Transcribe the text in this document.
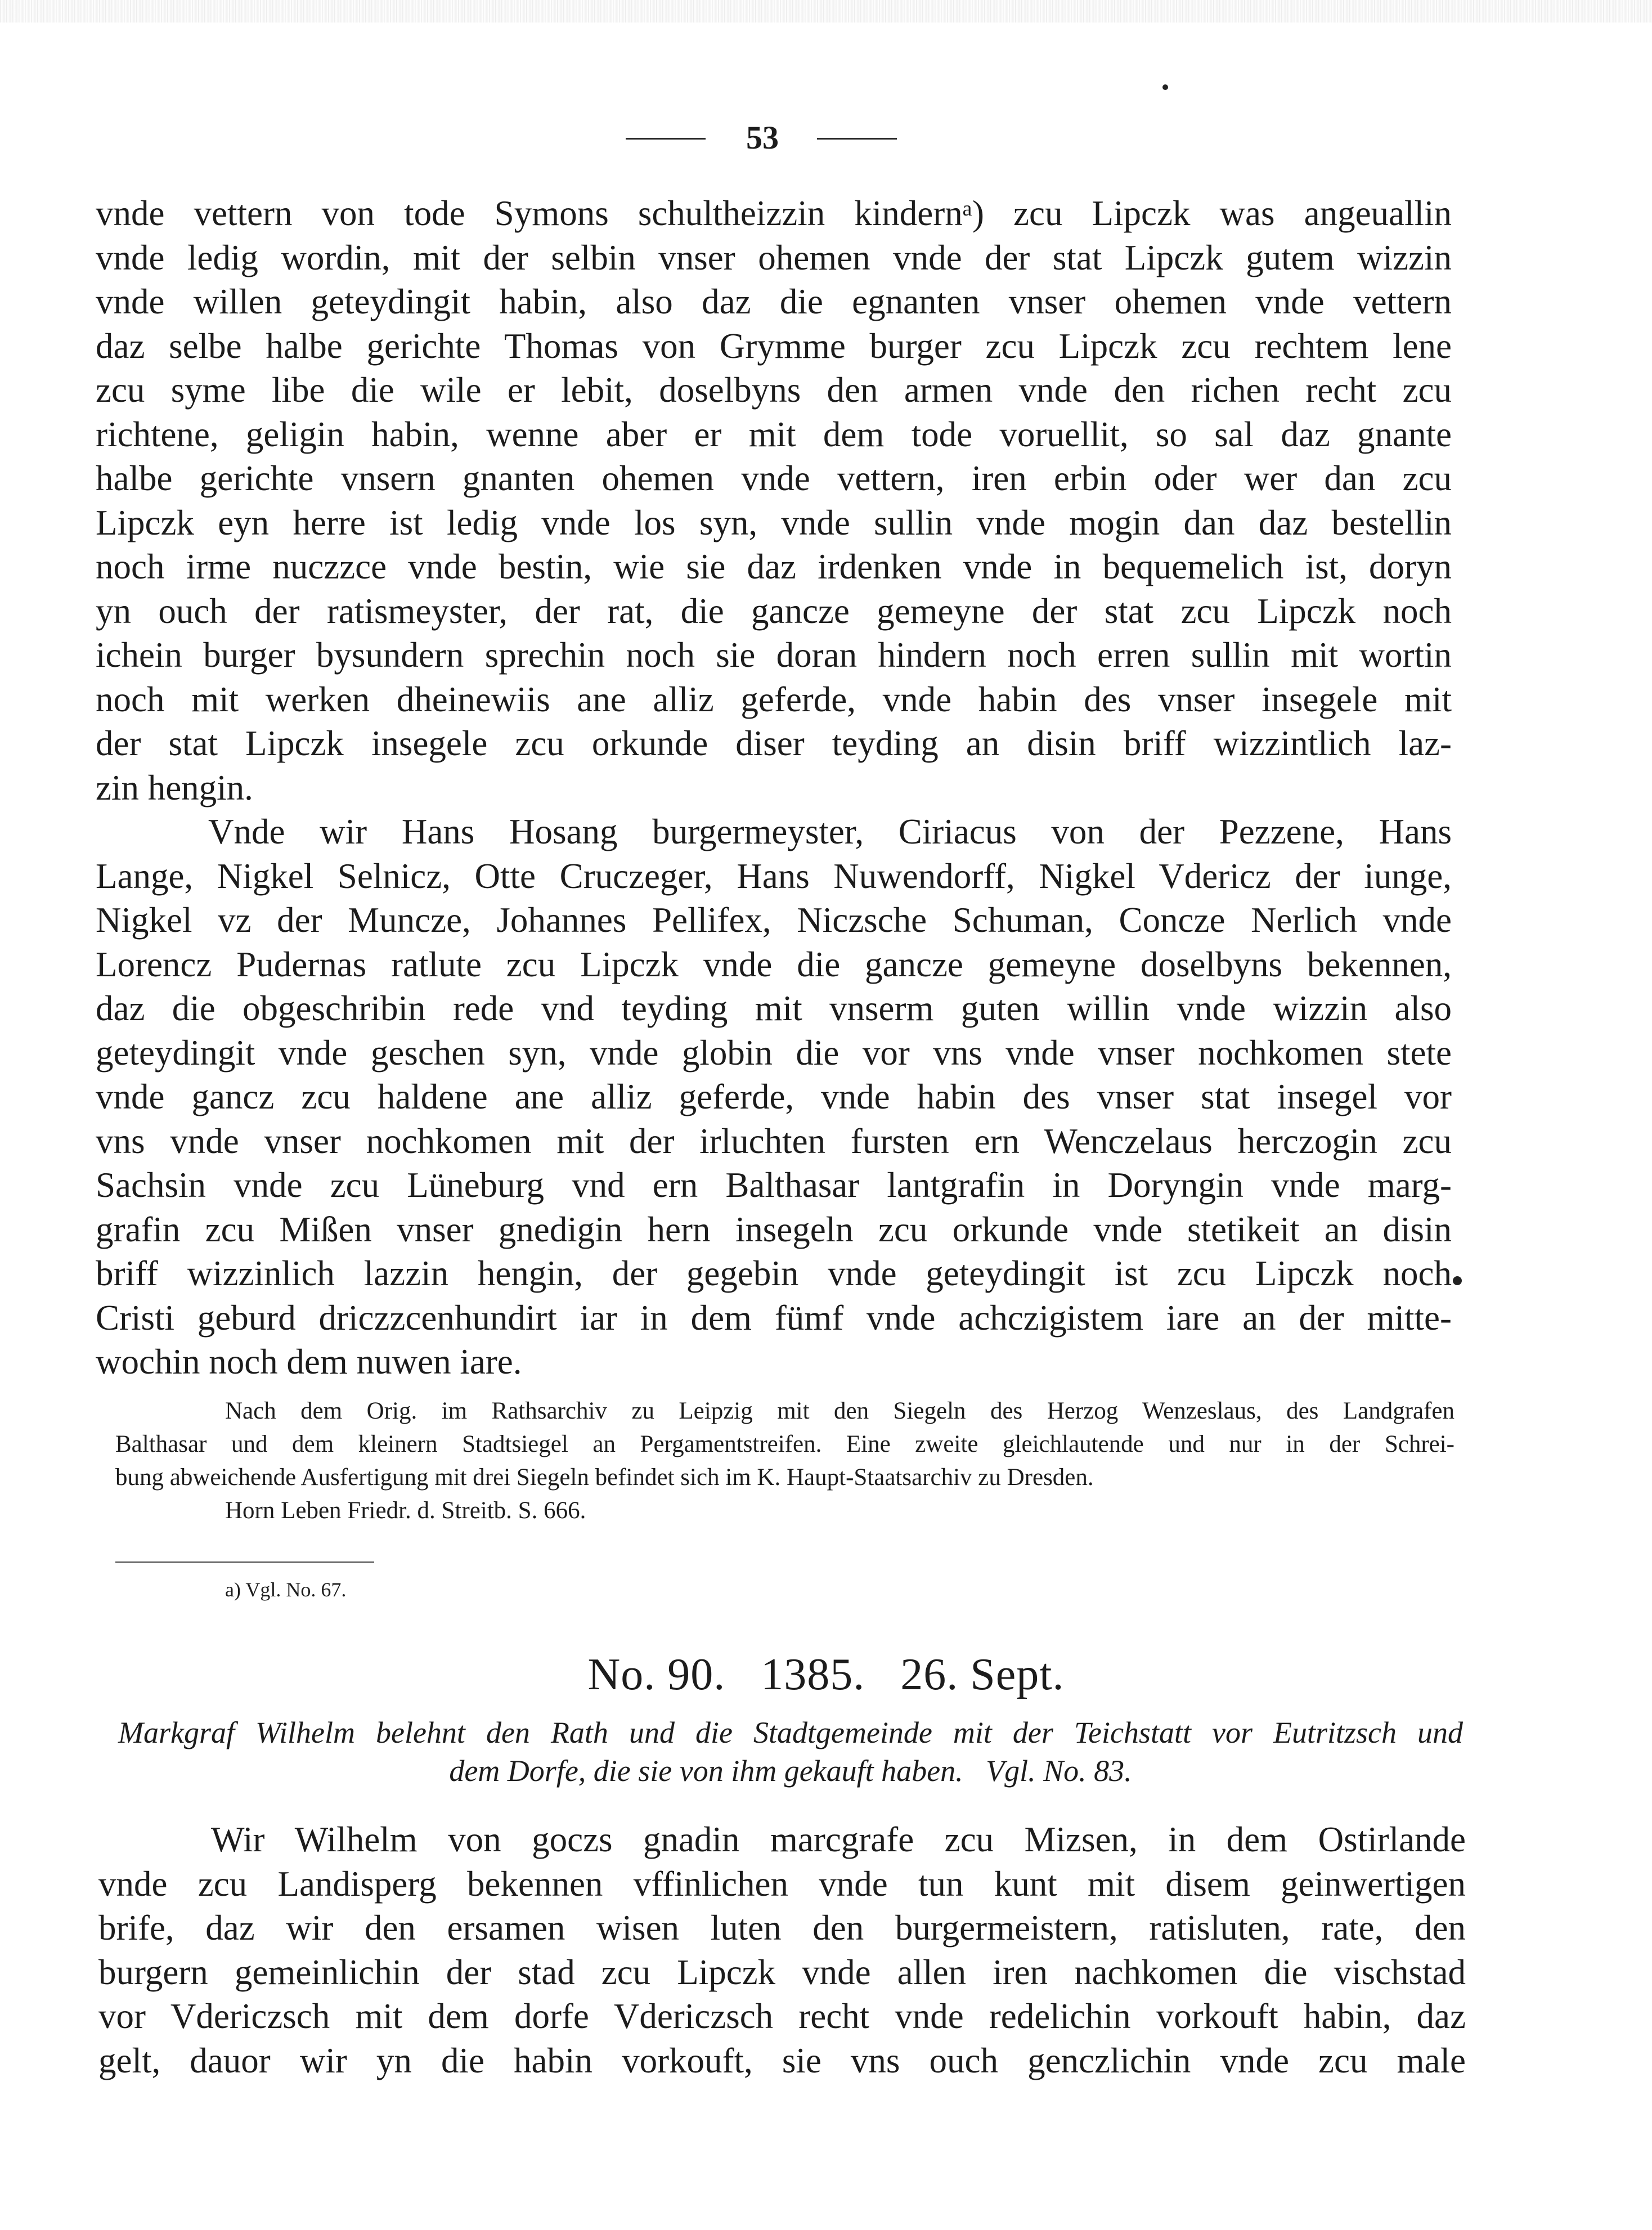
53
vnde vettern von tode Symons schultheizzin kindernᵃ) zcu Lipczk was angeuallin
vnde ledig wordin, mit der selbin vnser ohemen vnde der stat Lipczk gutem wizzin
vnde willen geteydingit habin, also daz die egnanten vnser ohemen vnde vettern
daz selbe halbe gerichte Thomas von Grymme burger zcu Lipczk zcu rechtem lene
zcu syme libe die wile er lebit, doselbyns den armen vnde den richen recht zcu
richtene, geligin habin, wenne aber er mit dem tode voruellit, so sal daz gnante
halbe gerichte vnsern gnanten ohemen vnde vettern, iren erbin oder wer dan zcu
Lipczk eyn herre ist ledig vnde los syn, vnde sullin vnde mogin dan daz bestellin
noch irme nuczzce vnde bestin, wie sie daz irdenken vnde in bequemelich ist, doryn
yn ouch der ratismeyster, der rat, die gancze gemeyne der stat zcu Lipczk noch
ichein burger bysundern sprechin noch sie doran hindern noch erren sullin mit wortin
noch mit werken dheinewiis ane alliz geferde, vnde habin des vnser insegele mit
der stat Lipczk insegele zcu orkunde diser teyding an disin briff wizzintlich laz-
zin hengin.
Vnde wir Hans Hosang burgermeyster, Ciriacus von der Pezzene, Hans
Lange, Nigkel Selnicz, Otte Cruczeger, Hans Nuwendorff, Nigkel Vdericz der iunge,
Nigkel vz der Muncze, Johannes Pellifex, Niczsche Schuman, Concze Nerlich vnde
Lorencz Pudernas ratlute zcu Lipczk vnde die gancze gemeyne doselbyns bekennen,
daz die obgeschribin rede vnd teyding mit vnserm guten willin vnde wizzin also
geteydingit vnde geschen syn, vnde globin die vor vns vnde vnser nochkomen stete
vnde gancz zcu haldene ane alliz geferde, vnde habin des vnser stat insegel vor
vns vnde vnser nochkomen mit der irluchten fursten ern Wenczelaus herczogin zcu
Sachsin vnde zcu Lüneburg vnd ern Balthasar lantgrafin in Doryngin vnde marg-
grafin zcu Mißen vnser gnedigin hern insegeln zcu orkunde vnde stetikeit an disin
briff wizzinlich lazzin hengin, der gegebin vnde geteydingit ist zcu Lipczk noch
Cristi geburd driczzcenhundirt iar in dem fümf vnde achczigistem iare an der mitte-
wochin noch dem nuwen iare.
Nach dem Orig. im Rathsarchiv zu Leipzig mit den Siegeln des Herzog Wenzeslaus, des Landgrafen
Balthasar und dem kleinern Stadtsiegel an Pergamentstreifen. Eine zweite gleichlautende und nur in der Schrei-
bung abweichende Ausfertigung mit drei Siegeln befindet sich im K. Haupt-Staatsarchiv zu Dresden.
Horn Leben Friedr. d. Streitb. S. 666.
a) Vgl. No. 67.
No. 90.   1385.   26. Sept.
Markgraf Wilhelm belehnt den Rath und die Stadtgemeinde mit der Teichstatt vor Eutritzsch und
dem Dorfe, die sie von ihm gekauft haben.   Vgl. No. 83.
Wir Wilhelm von goczs gnadin marcgrafe zcu Mizsen, in dem Ostirlande
vnde zcu Landisperg bekennen vffinlichen vnde tun kunt mit disem geinwertigen
brife, daz wir den ersamen wisen luten den burgermeistern, ratisluten, rate, den
burgern gemeinlichin der stad zcu Lipczk vnde allen iren nachkomen die vischstad
vor Vdericzsch mit dem dorfe Vdericzsch recht vnde redelichin vorkouft habin, daz
gelt, dauor wir yn die habin vorkouft, sie vns ouch genczlichin vnde zcu male
